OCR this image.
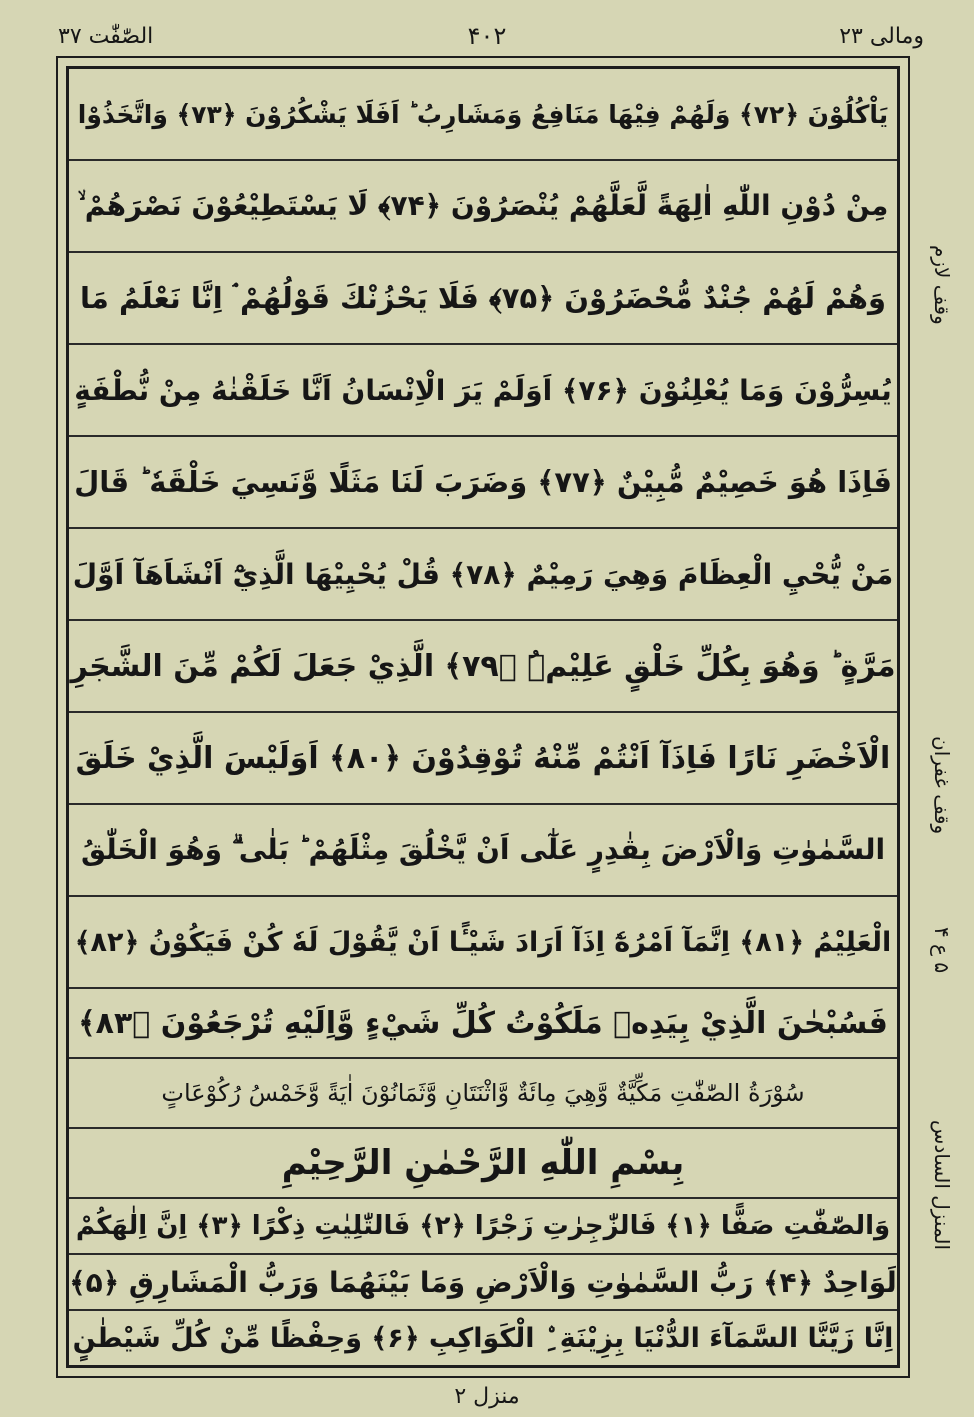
الصّٰفّٰت ۳۷	۴۰۲	ومالی ۲۳
يَاْكُلُوْنَ ﴿۷۲﴾ وَلَهُمْ فِيْهَا مَنَافِعُ وَمَشَارِبُ ؕ اَفَلَا يَشْكُرُوْنَ ﴿۷۳﴾ وَاتَّخَذُوْا
مِنْ دُوْنِ اللّٰهِ اٰلِهَةً لَّعَلَّهُمْ يُنْصَرُوْنَ ﴿۷۴﴾ لَا يَسْتَطِيْعُوْنَ نَصْرَهُمْ ۙ
وَهُمْ لَهُمْ جُنْدٌ مُّحْضَرُوْنَ ﴿۷۵﴾ فَلَا يَحْزُنْكَ قَوْلُهُمْ ۘ اِنَّا نَعْلَمُ مَا
يُسِرُّوْنَ وَمَا يُعْلِنُوْنَ ﴿۷۶﴾ اَوَلَمْ يَرَ الْاِنْسَانُ اَنَّا خَلَقْنٰهُ مِنْ نُّطْفَةٍ
فَاِذَا هُوَ خَصِيْمٌ مُّبِيْنٌ ﴿۷۷﴾ وَضَرَبَ لَنَا مَثَلًا وَّنَسِيَ خَلْقَهٗ ؕ قَالَ
مَنْ يُّحْيِ الْعِظَامَ وَهِيَ رَمِيْمٌ ﴿۷۸﴾ قُلْ يُحْيِيْهَا الَّذِيْٓ اَنْشَاَهَآ اَوَّلَ
مَرَّةٍ ؕ وَهُوَ بِكُلِّ خَلْقٍ عَلِيْمُۨ ﴿۷۹﴾ الَّذِيْ جَعَلَ لَكُمْ مِّنَ الشَّجَرِ
الْاَخْضَرِ نَارًا فَاِذَآ اَنْتُمْ مِّنْهُ تُوْقِدُوْنَ ﴿۸۰﴾ اَوَلَيْسَ الَّذِيْ خَلَقَ
السَّمٰوٰتِ وَالْاَرْضَ بِقٰدِرٍ عَلٰٓى اَنْ يَّخْلُقَ مِثْلَهُمْ ؕ بَلٰى ۗ وَهُوَ الْخَلّٰقُ
الْعَلِيْمُ ﴿۸۱﴾ اِنَّمَآ اَمْرُهٗٓ اِذَآ اَرَادَ شَيْـًٔا اَنْ يَّقُوْلَ لَهٗ كُنْ فَيَكُوْنُ ﴿۸۲﴾
فَسُبْحٰنَ الَّذِيْ بِيَدِهٖ مَلَكُوْتُ كُلِّ شَيْءٍ وَّاِلَيْهِ تُرْجَعُوْنَ ﴿۸۳﴾
سُوْرَةُ الصّٰفّٰتِ مَكِّيَّةٌ وَّهِيَ مِائَةٌ وَّاثْنَتَانِ وَّثَمَانُوْنَ اٰيَةً وَّخَمْسُ رُكُوْعَاتٍ
بِسْمِ اللّٰهِ الرَّحْمٰنِ الرَّحِيْمِ
وَالصّٰفّٰتِ صَفًّا ﴿۱﴾ فَالزّٰجِرٰتِ زَجْرًا ﴿۲﴾ فَالتّٰلِيٰتِ ذِكْرًا ﴿۳﴾ اِنَّ اِلٰهَكُمْ
لَوَاحِدٌ ﴿۴﴾ رَبُّ السَّمٰوٰتِ وَالْاَرْضِ وَمَا بَيْنَهُمَا وَرَبُّ الْمَشَارِقِ ﴿۵﴾
اِنَّا زَيَّنَّا السَّمَآءَ الدُّنْيَا بِزِيْنَةِ ِۨ الْكَوَاكِبِ ﴿۶﴾ وَحِفْظًا مِّنْ كُلِّ شَيْطٰنٍ
وقف لازم
وقف غفران
۵ ع ۴
المنزل السادس
منزل ۲
